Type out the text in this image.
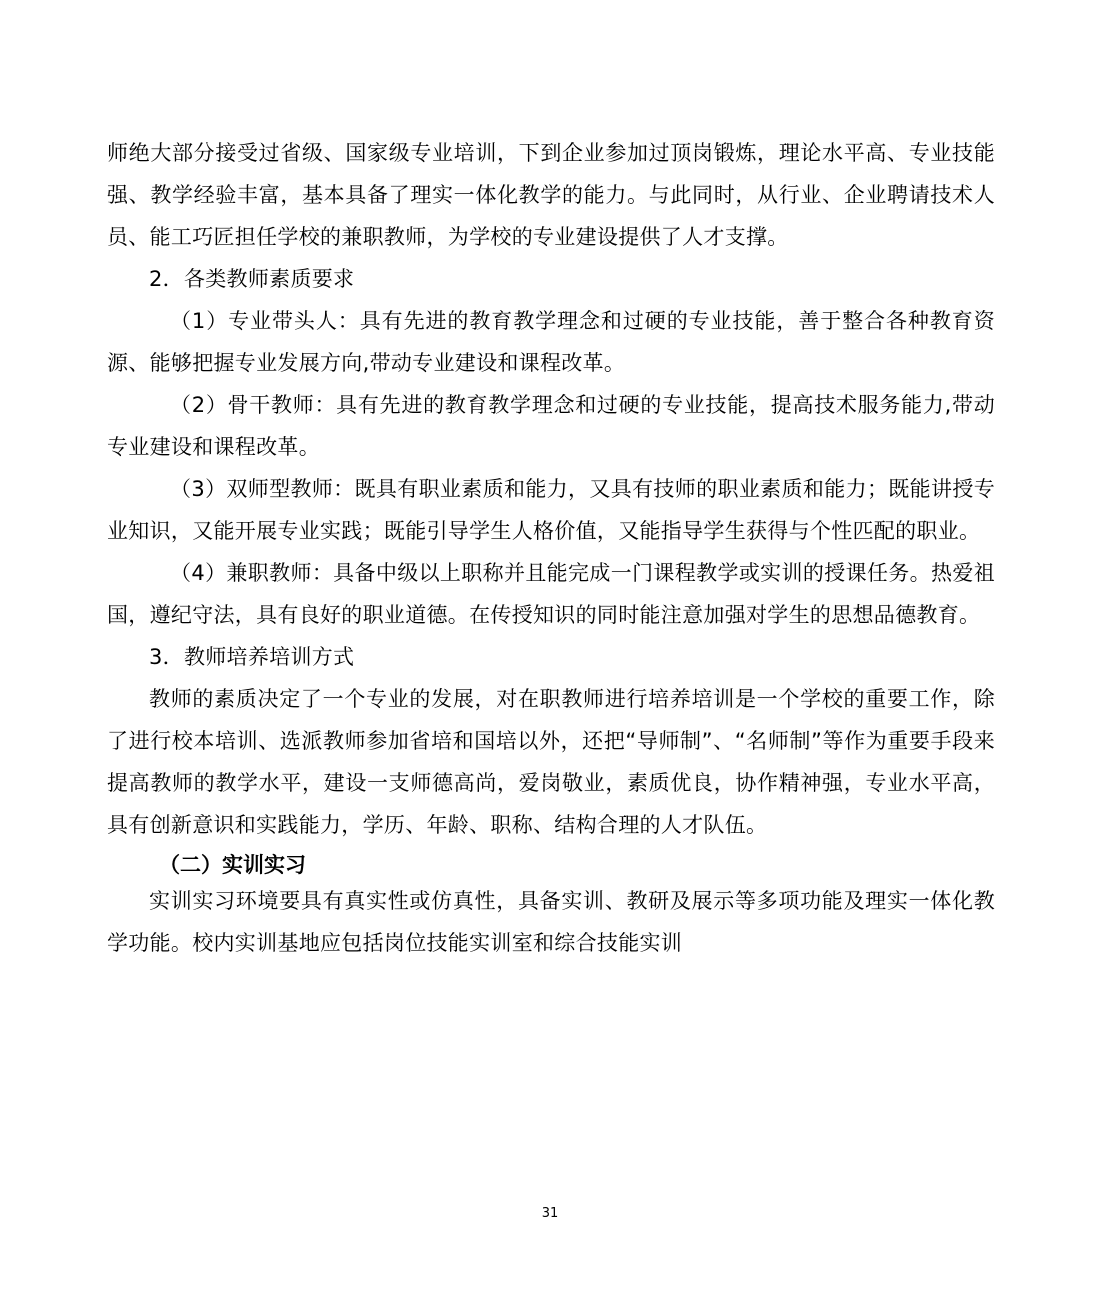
师绝大部分接受过省级、国家级专业培训，下到企业参加过顶岗锻炼，理论水平高、专业技能强、教学经验丰富，基本具备了理实一体化教学的能力。与此同时，从行业、企业聘请技术人员、能工巧匠担任学校的兼职教师，为学校的专业建设提供了人才支撑。

2．各类教师素质要求

（1）专业带头人：具有先进的教育教学理念和过硬的专业技能，善于整合各种教育资源、能够把握专业发展方向,带动专业建设和课程改革。

（2）骨干教师：具有先进的教育教学理念和过硬的专业技能，提高技术服务能力,带动专业建设和课程改革。

（3）双师型教师：既具有职业素质和能力，又具有技师的职业素质和能力；既能讲授专业知识，又能开展专业实践；既能引导学生人格价值，又能指导学生获得与个性匹配的职业。

（4）兼职教师：具备中级以上职称并且能完成一门课程教学或实训的授课任务。热爱祖国，遵纪守法，具有良好的职业道德。在传授知识的同时能注意加强对学生的思想品德教育。

3．教师培养培训方式

教师的素质决定了一个专业的发展，对在职教师进行培养培训是一个学校的重要工作，除了进行校本培训、选派教师参加省培和国培以外，还把“导师制”、“名师制”等作为重要手段来提高教师的教学水平，建设一支师德高尚，爱岗敬业，素质优良，协作精神强，专业水平高，具有创新意识和实践能力，学历、年龄、职称、结构合理的人才队伍。

（二）实训实习

实训实习环境要具有真实性或仿真性，具备实训、教研及展示等多项功能及理实一体化教学功能。校内实训基地应包括岗位技能实训室和综合技能实训

31
